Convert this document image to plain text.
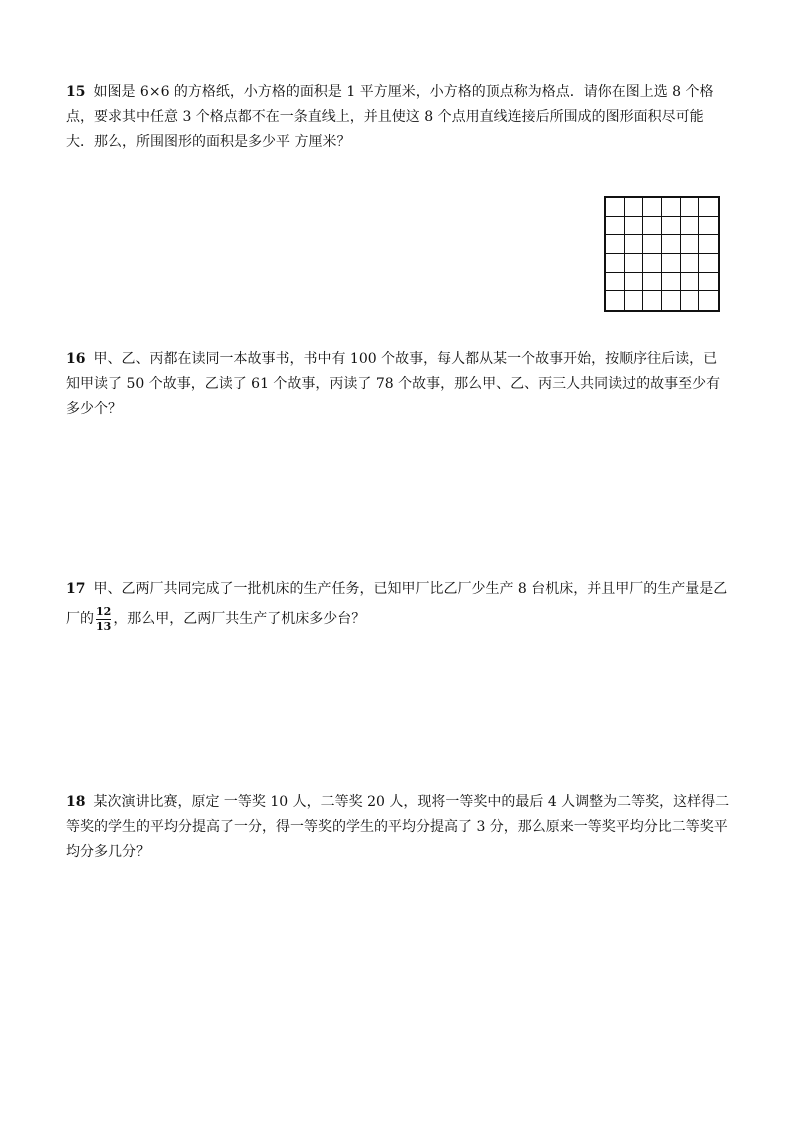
15 如图是 6×6 的方格纸，小方格的面积是 1 平方厘米，小方格的顶点称为格点．请你在图上选 8 个格点，要求其中任意 3 个格点都不在一条直线上，并且使这 8 个点用直线连接后所围成的图形面积尽可能大．那么，所围图形的面积是多少平 方厘米？
16 甲、乙、丙都在读同一本故事书，书中有 100 个故事，每人都从某一个故事开始，按顺序往后读，已知甲读了 50 个故事，乙读了 61 个故事，丙读了 78 个故事，那么甲、乙、丙三人共同读过的故事至少有多少个？
17 甲、乙两厂共同完成了一批机床的生产任务，已知甲厂比乙厂少生产 8 台机床，并且甲厂的生产量是乙厂的 $\frac{12}{13}$ ，那么甲，乙两厂共生产了机床多少台？
18 某次演讲比赛，原定 一等奖 10 人，二等奖 20 人，现将一等奖中的最后 4 人调整为二等奖，这样得二等奖的学生的平均分提高了一分，得一等奖的学生的平均分提高了 3 分，那么原来一等奖平均分比二等奖平均分多几分？
